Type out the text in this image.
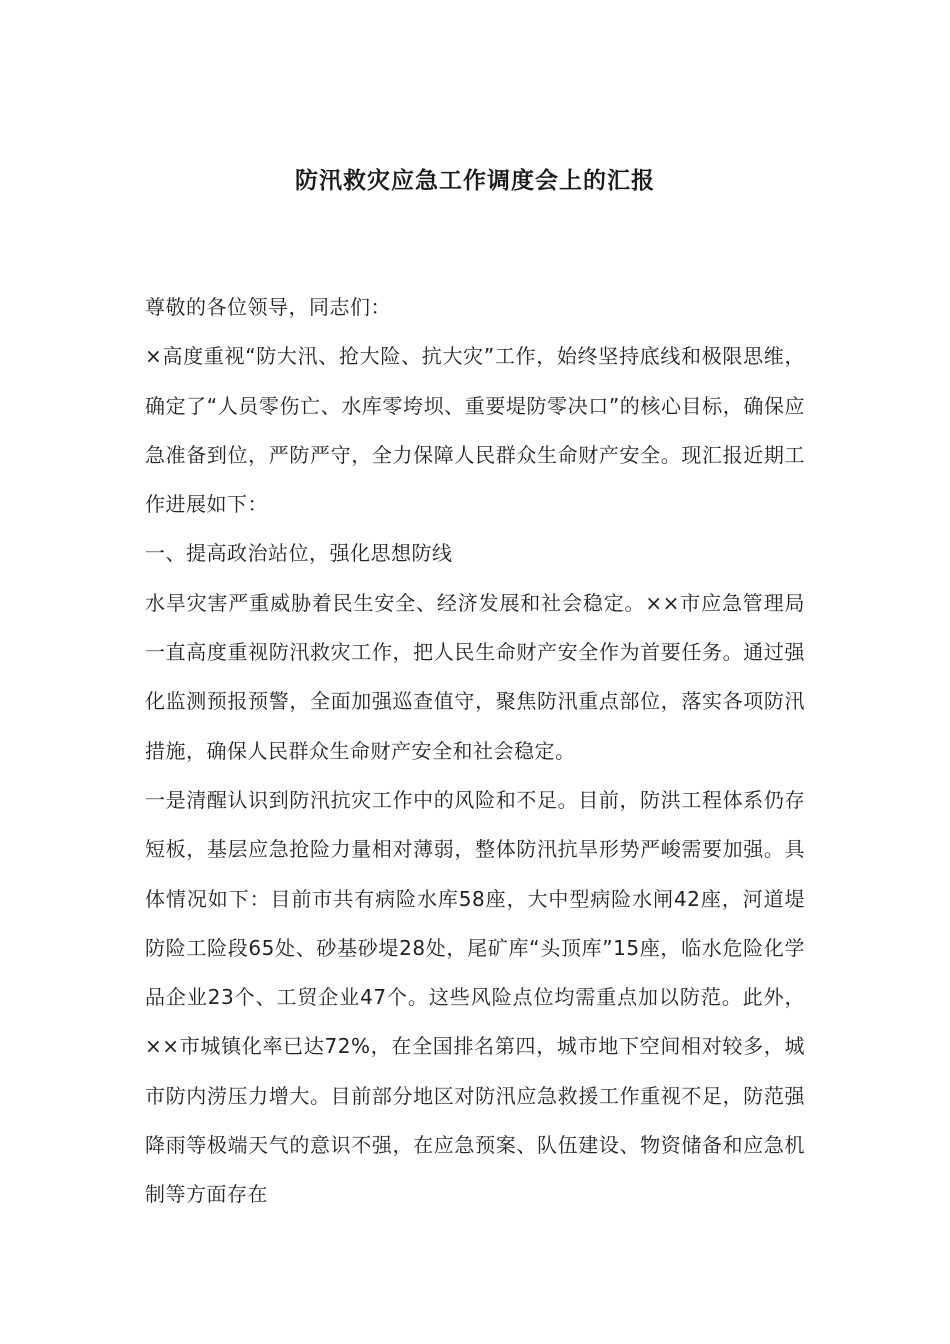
防汛救灾应急工作调度会上的汇报

尊敬的各位领导，同志们：

×高度重视“防大汛、抢大险、抗大灾”工作，始终坚持底线和极限思维，确定了“人员零伤亡、水库零垮坝、重要堤防零决口”的核心目标，确保应急准备到位，严防严守，全力保障人民群众生命财产安全。现汇报近期工作进展如下：

一、提高政治站位，强化思想防线

水旱灾害严重威胁着民生安全、经济发展和社会稳定。××市应急管理局一直高度重视防汛救灾工作，把人民生命财产安全作为首要任务。通过强化监测预报预警，全面加强巡查值守，聚焦防汛重点部位，落实各项防汛措施，确保人民群众生命财产安全和社会稳定。

一是清醒认识到防汛抗灾工作中的风险和不足。目前，防洪工程体系仍存短板，基层应急抢险力量相对薄弱，整体防汛抗旱形势严峻需要加强。具体情况如下：目前市共有病险水库58座，大中型病险水闸42座，河道堤防险工险段65处、砂基砂堤28处，尾矿库“头顶库”15座，临水危险化学品企业23个、工贸企业47个。这些风险点位均需重点加以防范。此外，××市城镇化率已达72%，在全国排名第四，城市地下空间相对较多，城市防内涝压力增大。目前部分地区对防汛应急救援工作重视不足，防范强降雨等极端天气的意识不强，在应急预案、队伍建设、物资储备和应急机制等方面存在
